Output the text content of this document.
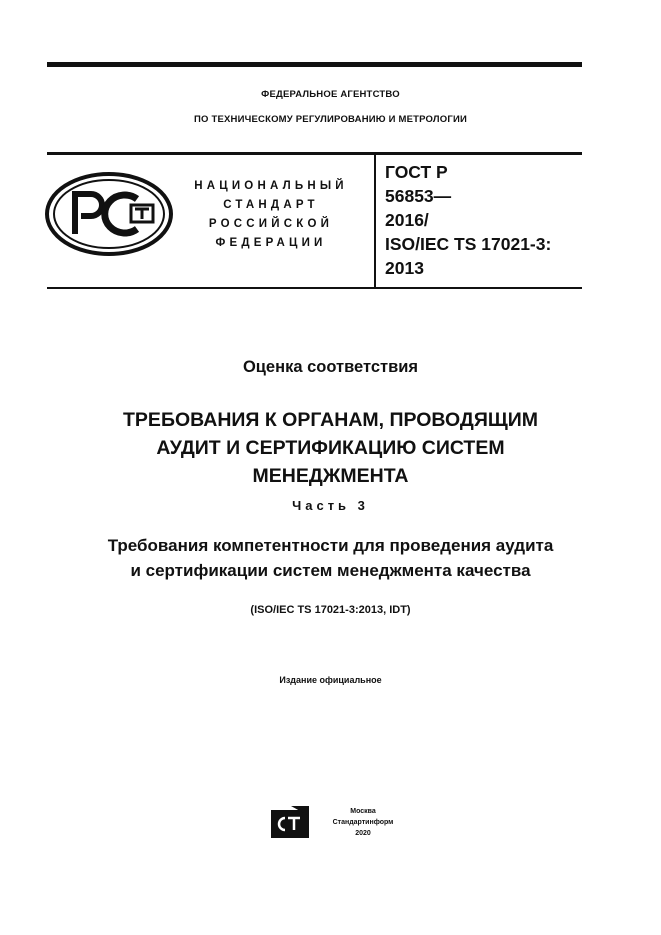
ФЕДЕРАЛЬНОЕ АГЕНТСТВО
ПО ТЕХНИЧЕСКОМУ РЕГУЛИРОВАНИЮ И МЕТРОЛОГИИ
НАЦИОНАЛЬНЫЙ
СТАНДАРТ
РОССИЙСКОЙ
ФЕДЕРАЦИИ
ГОСТ Р
56853—
2016/
ISO/IEC TS 17021-3:
2013
Оценка соответствия
ТРЕБОВАНИЯ К ОРГАНАМ, ПРОВОДЯЩИМ
АУДИТ И СЕРТИФИКАЦИЮ СИСТЕМ
МЕНЕДЖМЕНТА
Часть 3
Требования компетентности для проведения аудита
и сертификации систем менеджмента качества
(ISO/IEC TS 17021-3:2013, IDT)
Издание официальное
Москва
Стандартинформ
2020
